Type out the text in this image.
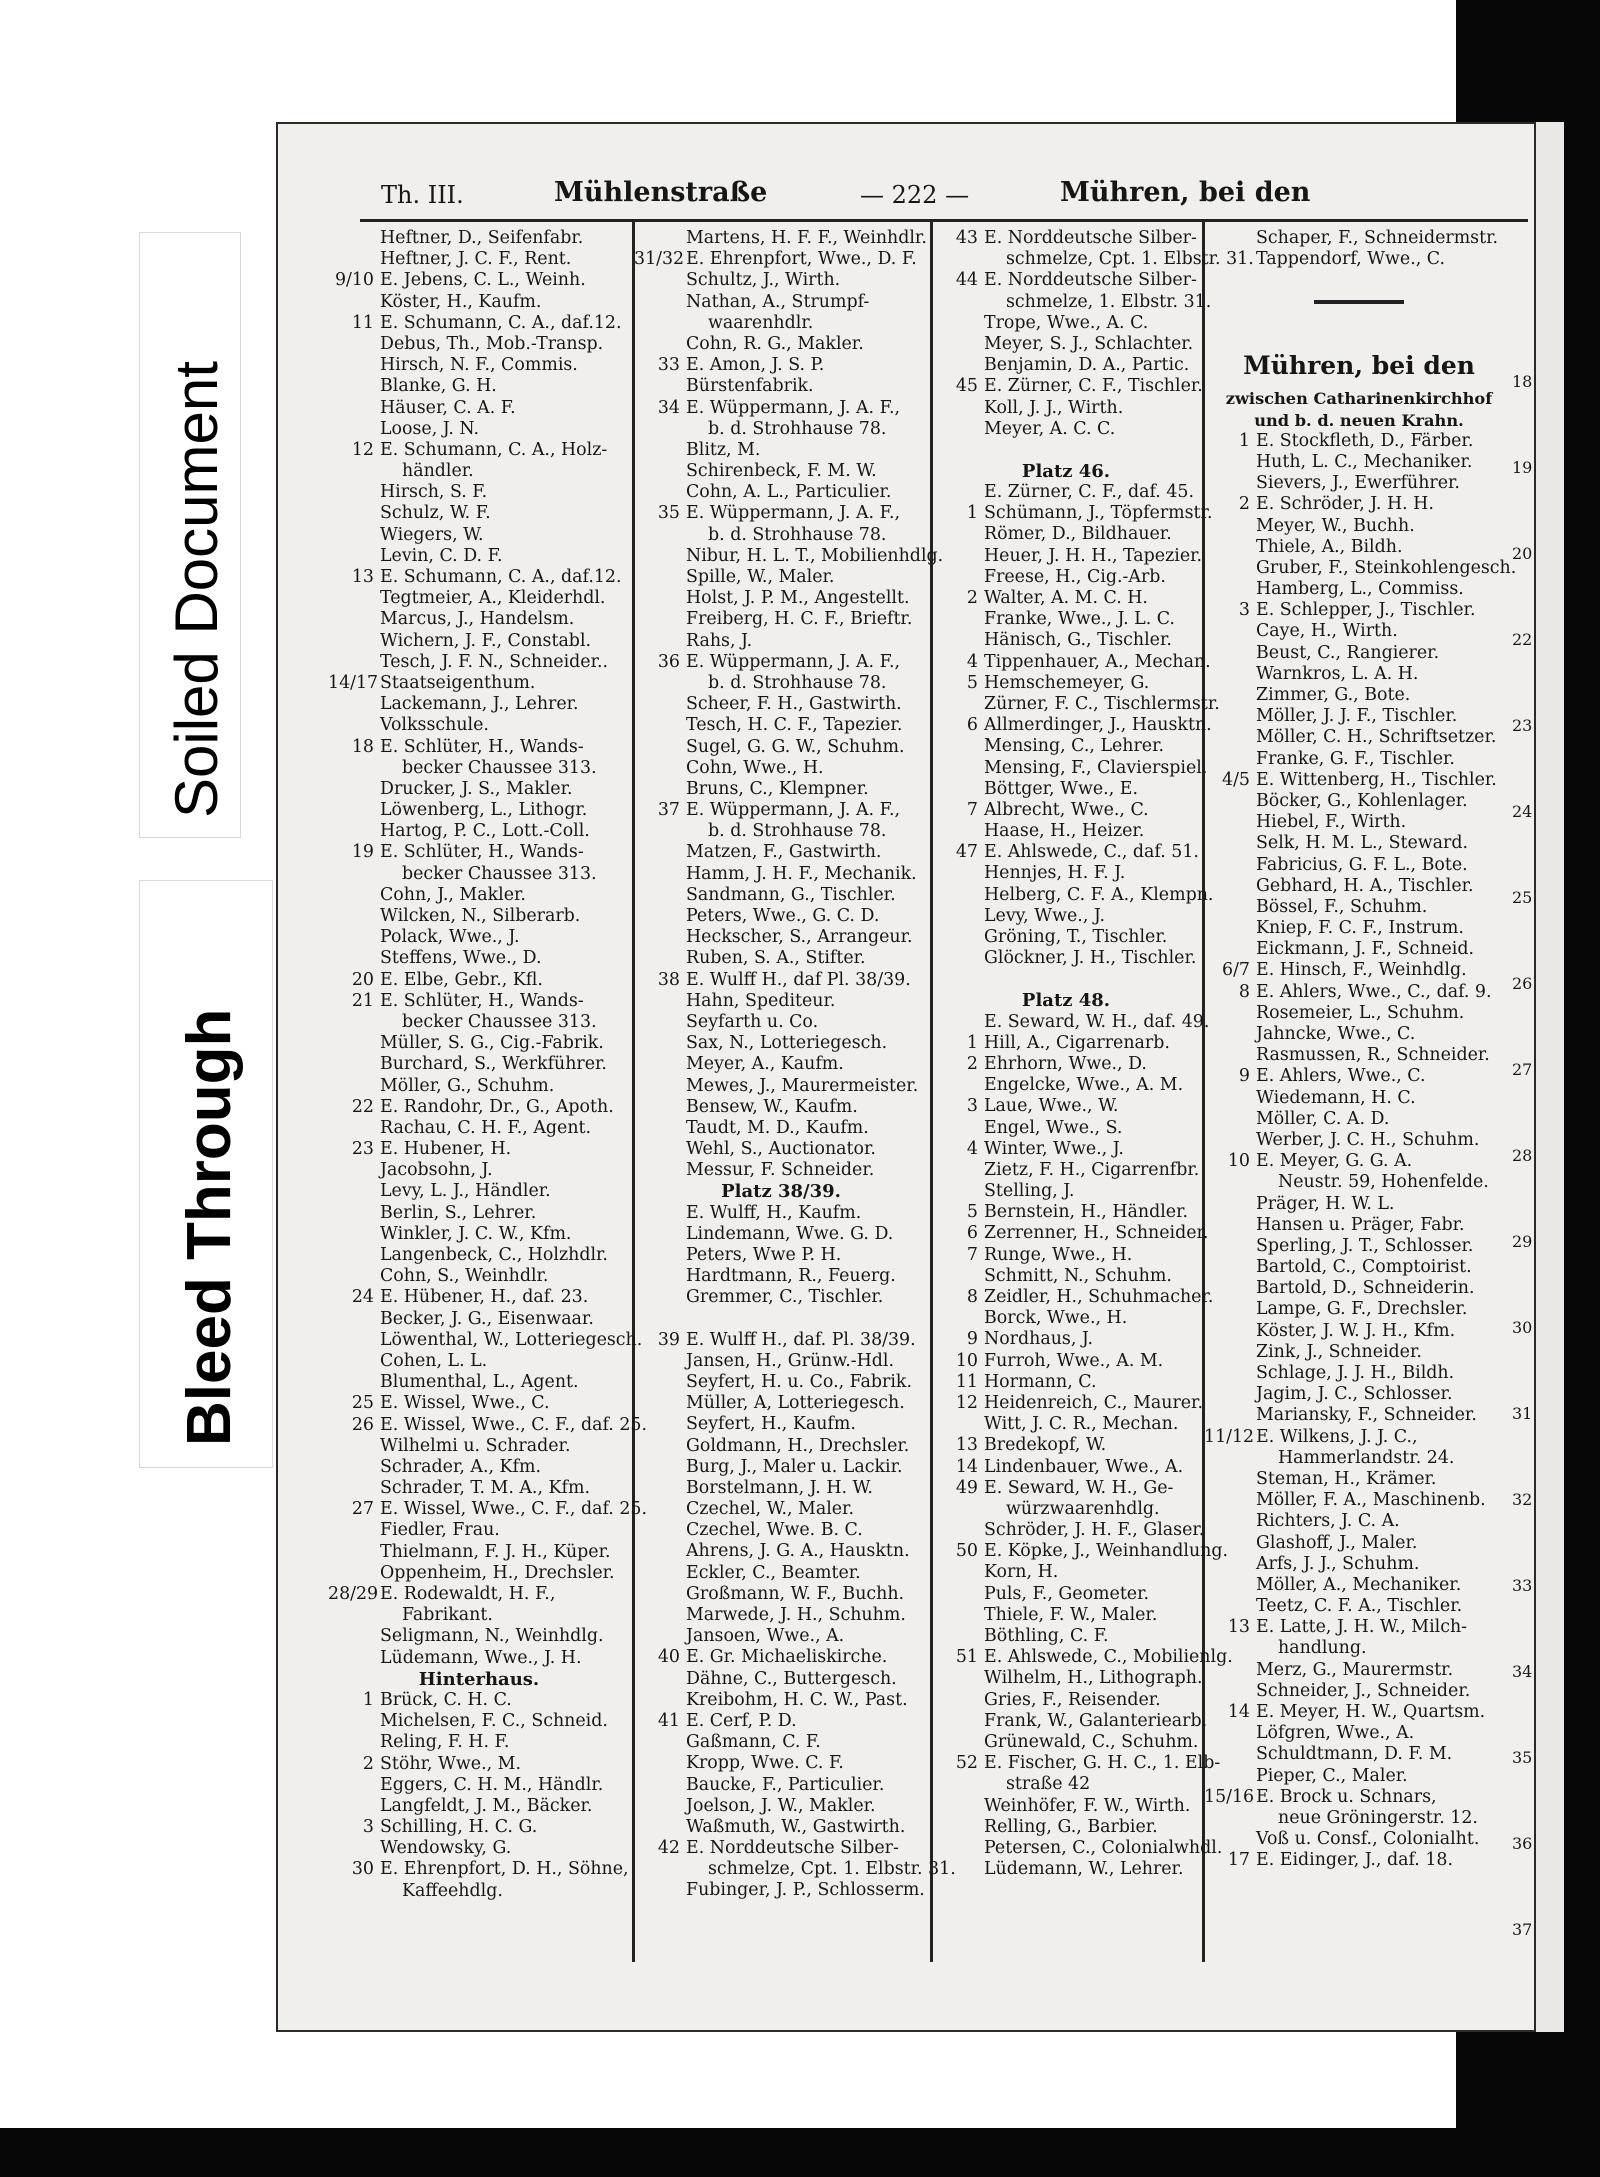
Soiled Document
Bleed Through
Th. III.	Mühlenstraße	— 222 —	Mühren, bei den
Heftner, D., Seifenfabr.
Heftner, J. C. F., Rent.
9/10 E. Jebens, C. L., Weinh.
Köster, H., Kaufm.
11 E. Schumann, C. A., daf.12.
Debus, Th., Mob.-Transp.
Hirsch, N. F., Commis.
Blanke, G. H.
Häuser, C. A. F.
Loose, J. N.
12 E. Schumann, C. A., Holz-
händler.
Hirsch, S. F.
Schulz, W. F.
Wiegers, W.
Levin, C. D. F.
13 E. Schumann, C. A., daf.12.
Tegtmeier, A., Kleiderhdl.
Marcus, J., Handelsm.
Wichern, J. F., Constabl.
Tesch, J. F. N., Schneider..
14/17 Staatseigenthum.
Lackemann, J., Lehrer.
Volksschule.
18 E. Schlüter, H., Wands-
becker Chaussee 313.
Drucker, J. S., Makler.
Löwenberg, L., Lithogr.
Hartog, P. C., Lott.-Coll.
19 E. Schlüter, H., Wands-
becker Chaussee 313.
Cohn, J., Makler.
Wilcken, N., Silberarb.
Polack, Wwe., J.
Steffens, Wwe., D.
20 E. Elbe, Gebr., Kfl.
21 E. Schlüter, H., Wands-
becker Chaussee 313.
Müller, S. G., Cig.-Fabrik.
Burchard, S., Werkführer.
Möller, G., Schuhm.
22 E. Randohr, Dr., G., Apoth.
Rachau, C. H. F., Agent.
23 E. Hubener, H.
Jacobsohn, J.
Levy, L. J., Händler.
Berlin, S., Lehrer.
Winkler, J. C. W., Kfm.
Langenbeck, C., Holzhdlr.
Cohn, S., Weinhdlr.
24 E. Hübener, H., daf. 23.
Becker, J. G., Eisenwaar.
Löwenthal, W., Lotteriegesch.
Cohen, L. L.
Blumenthal, L., Agent.
25 E. Wissel, Wwe., C.
26 E. Wissel, Wwe., C. F., daf. 25.
Wilhelmi u. Schrader.
Schrader, A., Kfm.
Schrader, T. M. A., Kfm.
27 E. Wissel, Wwe., C. F., daf. 25.
Fiedler, Frau.
Thielmann, F. J. H., Küper.
Oppenheim, H., Drechsler.
28/29 E. Rodewaldt, H. F.,
Fabrikant.
Seligmann, N., Weinhdlg.
Lüdemann, Wwe., J. H.
Hinterhaus.
1 Brück, C. H. C.
Michelsen, F. C., Schneid.
Reling, F. H. F.
2 Stöhr, Wwe., M.
Eggers, C. H. M., Händlr.
Langfeldt, J. M., Bäcker.
3 Schilling, H. C. G.
Wendowsky, G.
30 E. Ehrenpfort, D. H., Söhne,
Kaffeehdlg.
Martens, H. F. F., Weinhdlr.
31/32 E. Ehrenpfort, Wwe., D. F.
Schultz, J., Wirth.
Nathan, A., Strumpf-
waarenhdlr.
Cohn, R. G., Makler.
33 E. Amon, J. S. P.
Bürstenfabrik.
34 E. Wüppermann, J. A. F.,
b. d. Strohhause 78.
Blitz, M.
Schirenbeck, F. M. W.
Cohn, A. L., Particulier.
35 E. Wüppermann, J. A. F.,
b. d. Strohhause 78.
Nibur, H. L. T., Mobilienhdlg.
Spille, W., Maler.
Holst, J. P. M., Angestellt.
Freiberg, H. C. F., Brieftr.
Rahs, J.
36 E. Wüppermann, J. A. F.,
b. d. Strohhause 78.
Scheer, F. H., Gastwirth.
Tesch, H. C. F., Tapezier.
Sugel, G. G. W., Schuhm.
Cohn, Wwe., H.
Bruns, C., Klempner.
37 E. Wüppermann, J. A. F.,
b. d. Strohhause 78.
Matzen, F., Gastwirth.
Hamm, J. H. F., Mechanik.
Sandmann, G., Tischler.
Peters, Wwe., G. C. D.
Heckscher, S., Arrangeur.
Ruben, S. A., Stifter.
38 E. Wulff H., daf Pl. 38/39.
Hahn, Spediteur.
Seyfarth u. Co.
Sax, N., Lotteriegesch.
Meyer, A., Kaufm.
Mewes, J., Maurermeister.
Bensew, W., Kaufm.
Taudt, M. D., Kaufm.
Wehl, S., Auctionator.
Messur, F. Schneider.
Platz 38/39.
E. Wulff, H., Kaufm.
Lindemann, Wwe. G. D.
Peters, Wwe P. H.
Hardtmann, R., Feuerg.
Gremmer, C., Tischler.
39 E. Wulff H., daf. Pl. 38/39.
Jansen, H., Grünw.-Hdl.
Seyfert, H. u. Co., Fabrik.
Müller, A, Lotteriegesch.
Seyfert, H., Kaufm.
Goldmann, H., Drechsler.
Burg, J., Maler u. Lackir.
Borstelmann, J. H. W.
Czechel, W., Maler.
Czechel, Wwe. B. C.
Ahrens, J. G. A., Hausktn.
Eckler, C., Beamter.
Großmann, W. F., Buchh.
Marwede, J. H., Schuhm.
Jansoen, Wwe., A.
40 E. Gr. Michaeliskirche.
Dähne, C., Buttergesch.
Kreibohm, H. C. W., Past.
41 E. Cerf, P. D.
Gaßmann, C. F.
Kropp, Wwe. C. F.
Baucke, F., Particulier.
Joelson, J. W., Makler.
Waßmuth, W., Gastwirth.
42 E. Norddeutsche Silber-
schmelze, Cpt. 1. Elbstr. 31.
Fubinger, J. P., Schlosserm.
43 E. Norddeutsche Silber-
schmelze, Cpt. 1. Elbstr. 31.
44 E. Norddeutsche Silber-
schmelze, 1. Elbstr. 31.
Trope, Wwe., A. C.
Meyer, S. J., Schlachter.
Benjamin, D. A., Partic.
45 E. Zürner, C. F., Tischler.
Koll, J. J., Wirth.
Meyer, A. C. C.
Platz 46.
E. Zürner, C. F., daf. 45.
1 Schümann, J., Töpfermstr.
Römer, D., Bildhauer.
Heuer, J. H. H., Tapezier.
Freese, H., Cig.-Arb.
2 Walter, A. M. C. H.
Franke, Wwe., J. L. C.
Hänisch, G., Tischler.
4 Tippenhauer, A., Mechan.
5 Hemschemeyer, G.
Zürner, F. C., Tischlermstr.
6 Allmerdinger, J., Hausktn.
Mensing, C., Lehrer.
Mensing, F., Clavierspiel.
Böttger, Wwe., E.
7 Albrecht, Wwe., C.
Haase, H., Heizer.
47 E. Ahlswede, C., daf. 51.
Hennjes, H. F. J.
Helberg, C. F. A., Klempn.
Levy, Wwe., J.
Gröning, T., Tischler.
Glöckner, J. H., Tischler.
Platz 48.
E. Seward, W. H., daf. 49.
1 Hill, A., Cigarrenarb.
2 Ehrhorn, Wwe., D.
Engelcke, Wwe., A. M.
3 Laue, Wwe., W.
Engel, Wwe., S.
4 Winter, Wwe., J.
Zietz, F. H., Cigarrenfbr.
Stelling, J.
5 Bernstein, H., Händler.
6 Zerrenner, H., Schneider.
7 Runge, Wwe., H.
Schmitt, N., Schuhm.
8 Zeidler, H., Schuhmacher.
Borck, Wwe., H.
9 Nordhaus, J.
10 Furroh, Wwe., A. M.
11 Hormann, C.
12 Heidenreich, C., Maurer.
Witt, J. C. R., Mechan.
13 Bredekopf, W.
14 Lindenbauer, Wwe., A.
49 E. Seward, W. H., Ge-
würzwaarenhdlg.
Schröder, J. H. F., Glaser.
50 E. Köpke, J., Weinhandlung.
Korn, H.
Puls, F., Geometer.
Thiele, F. W., Maler.
Böthling, C. F.
51 E. Ahlswede, C., Mobilienlg.
Wilhelm, H., Lithograph.
Gries, F., Reisender.
Frank, W., Galanteriearb.
Grünewald, C., Schuhm.
52 E. Fischer, G. H. C., 1. Elb-
straße 42
Weinhöfer, F. W., Wirth.
Relling, G., Barbier.
Petersen, C., Colonialwhdl.
Lüdemann, W., Lehrer.
Schaper, F., Schneidermstr.
Tappendorf, Wwe., C.
Mühren, bei den
zwischen Catharinenkirchhof
und b. d. neuen Krahn.
1 E. Stockfleth, D., Färber.
Huth, L. C., Mechaniker.
Sievers, J., Ewerführer.
2 E. Schröder, J. H. H.
Meyer, W., Buchh.
Thiele, A., Bildh.
Gruber, F., Steinkohlengesch.
Hamberg, L., Commiss.
3 E. Schlepper, J., Tischler.
Caye, H., Wirth.
Beust, C., Rangierer.
Warnkros, L. A. H.
Zimmer, G., Bote.
Möller, J. J. F., Tischler.
Möller, C. H., Schriftsetzer.
Franke, G. F., Tischler.
4/5 E. Wittenberg, H., Tischler.
Böcker, G., Kohlenlager.
Hiebel, F., Wirth.
Selk, H. M. L., Steward.
Fabricius, G. F. L., Bote.
Gebhard, H. A., Tischler.
Bössel, F., Schuhm.
Kniep, F. C. F., Instrum.
Eickmann, J. F., Schneid.
6/7 E. Hinsch, F., Weinhdlg.
8 E. Ahlers, Wwe., C., daf. 9.
Rosemeier, L., Schuhm.
Jahncke, Wwe., C.
Rasmussen, R., Schneider.
9 E. Ahlers, Wwe., C.
Wiedemann, H. C.
Möller, C. A. D.
Werber, J. C. H., Schuhm.
10 E. Meyer, G. G. A.
Neustr. 59, Hohenfelde.
Präger, H. W. L.
Hansen u. Präger, Fabr.
Sperling, J. T., Schlosser.
Bartold, C., Comptoirist.
Bartold, D., Schneiderin.
Lampe, G. F., Drechsler.
Köster, J. W. J. H., Kfm.
Zink, J., Schneider.
Schlage, J. J. H., Bildh.
Jagim, J. C., Schlosser.
Mariansky, F., Schneider.
11/12 E. Wilkens, J. J. C.,
Hammerlandstr. 24.
Steman, H., Krämer.
Möller, F. A., Maschinenb.
Richters, J. C. A.
Glashoff, J., Maler.
Arfs, J. J., Schuhm.
Möller, A., Mechaniker.
Teetz, C. F. A., Tischler.
13 E. Latte, J. H. W., Milch-
handlung.
Merz, G., Maurermstr.
Schneider, J., Schneider.
14 E. Meyer, H. W., Quartsm.
Löfgren, Wwe., A.
Schuldtmann, D. F. M.
Pieper, C., Maler.
15/16 E. Brock u. Schnars,
neue Gröningerstr. 12.
Voß u. Consf., Colonialht.
17 E. Eidinger, J., daf. 18.
18
19
20
22
23
24
25
26
27
28
29
30
31
32
33
34
35
36
37
